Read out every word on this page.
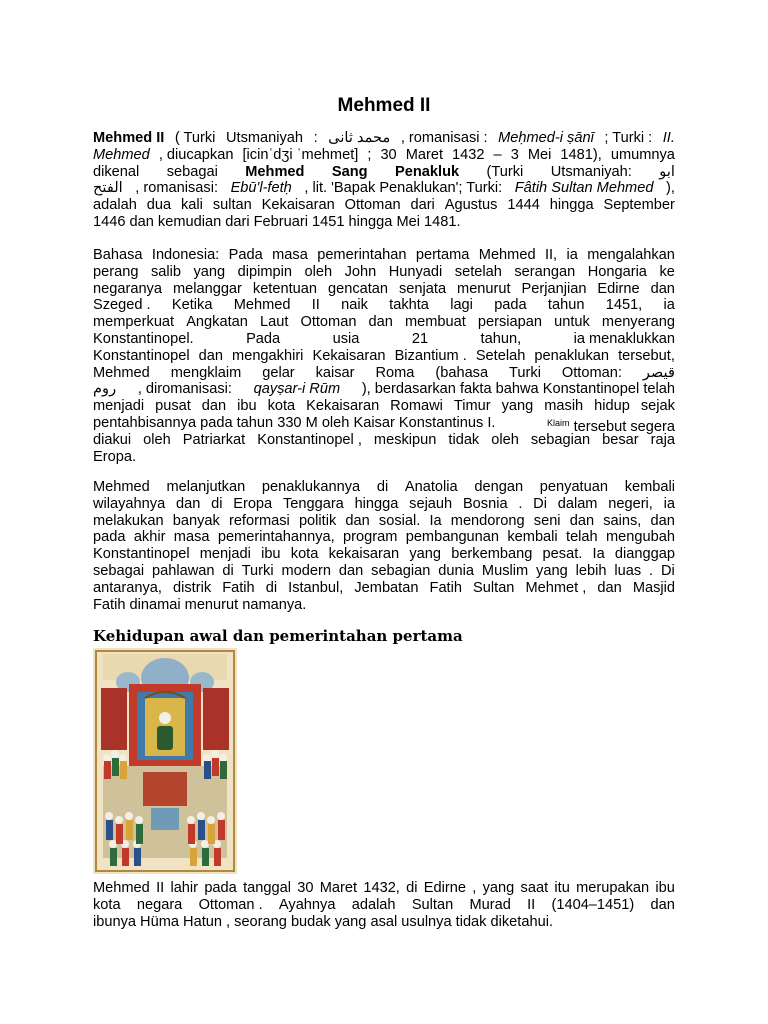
Mehmed II
Mehmed II ( Turki Utsmaniyah : محمد ثانی , romanisasi : Meḥmed-i ṣānī ; Turki : II.
Mehmed , diucapkan [icinˈdʒi ˈmehmet] ; 30 Maret 1432 – 3 Mei 1481), umumnya
dikenal sebagai Mehmed Sang Penakluk (Turki Utsmaniyah: ابو
الفتح , romanisasi: Ebū'l-fetḥ , lit. 'Bapak Penaklukan'; Turki: Fâtih Sultan Mehmed ),
adalah dua kali sultan Kekaisaran Ottoman dari Agustus 1444 hingga September
1446 dan kemudian dari Februari 1451 hingga Mei 1481.
Bahasa Indonesia: Pada masa pemerintahan pertama Mehmed II, ia mengalahkan
perang salib yang dipimpin oleh John Hunyadi setelah serangan Hongaria ke
negaranya melanggar ketentuan gencatan senjata menurut Perjanjian Edirne dan
Szeged . Ketika Mehmed II naik takhta lagi pada tahun 1451, ia
memperkuat Angkatan Laut Ottoman dan membuat persiapan untuk menyerang
Konstantinopel.	Pada	usia	21	tahun,	ia menaklukkan
Konstantinopel dan mengakhiri Kekaisaran Bizantium . Setelah penaklukan tersebut,
Mehmed mengklaim gelar kaisar Roma (bahasa Turki Ottoman: قیصر
روم , diromanisasi: qayṣar-i Rūm ), berdasarkan fakta bahwa Konstantinopel telah
menjadi pusat dan ibu kota Kekaisaran Romawi Timur yang masih hidup sejak
pentahbisannya pada tahun 330 M oleh Kaisar Konstantinus I.	$^{Klaim}$ tersebut segera
diakui oleh Patriarkat Konstantinopel , meskipun tidak oleh sebagian besar raja
Eropa.
Mehmed melanjutkan penaklukannya di Anatolia dengan penyatuan kembali
wilayahnya dan di Eropa Tenggara hingga sejauh Bosnia . Di dalam negeri, ia
melakukan banyak reformasi politik dan sosial. Ia mendorong seni dan sains, dan
pada akhir masa pemerintahannya, program pembangunan kembali telah mengubah
Konstantinopel menjadi ibu kota kekaisaran yang berkembang pesat. Ia dianggap
sebagai pahlawan di Turki modern dan sebagian dunia Muslim yang lebih luas . Di
antaranya, distrik Fatih di Istanbul, Jembatan Fatih Sultan Mehmet , dan Masjid
Fatih dinamai menurut namanya.
Kehidupan awal dan pemerintahan pertama
Mehmed II lahir pada tanggal 30 Maret 1432, di Edirne , yang saat itu merupakan ibu
kota negara Ottoman . Ayahnya adalah Sultan Murad II (1404–1451) dan
ibunya Hüma Hatun , seorang budak yang asal usulnya tidak diketahui.
